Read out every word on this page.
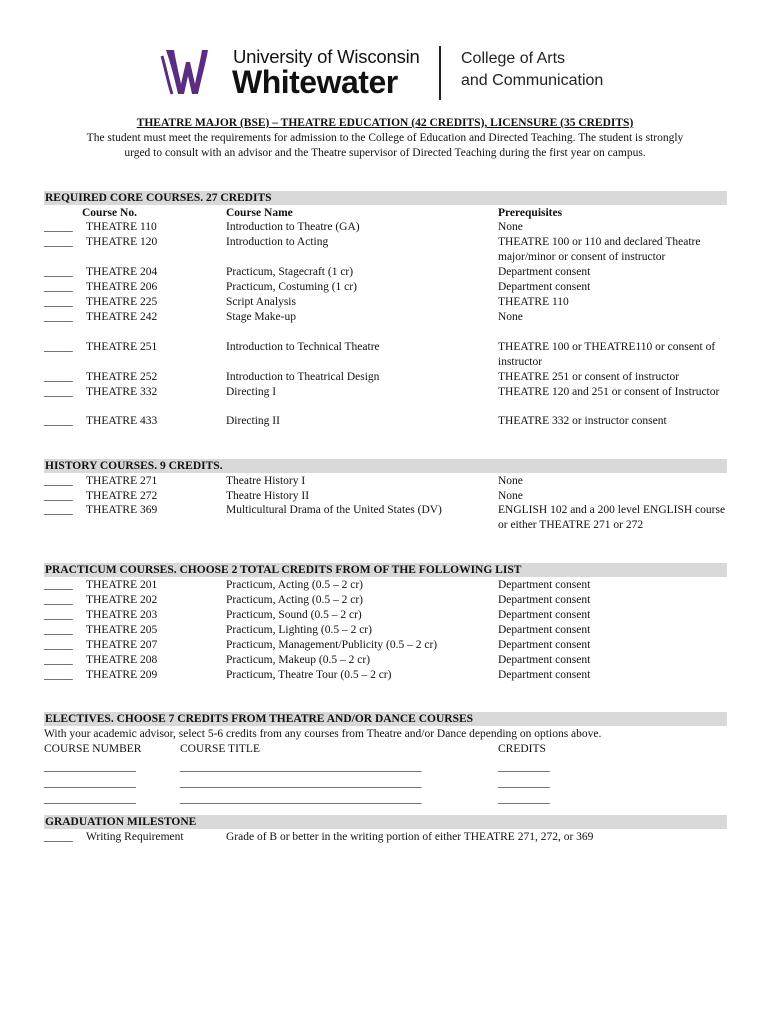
University of Wisconsin
Whitewater
College of Arts
and Communication
THEATRE MAJOR (BSE) – THEATRE EDUCATION (42 CREDITS), LICENSURE (35 CREDITS)
The student must meet the requirements for admission to the College of Education and Directed Teaching. The student is strongly
urged to consult with an advisor and the Theatre supervisor of Directed Teaching during the first year on campus.
REQUIRED CORE COURSES. 27 CREDITS
Course No.	Course Name	Prerequisites
_____ THEATRE 110	Introduction to Theatre (GA)	None
_____ THEATRE 120	Introduction to Acting	THEATRE 100 or 110 and declared Theatre major/minor or consent of instructor
_____ THEATRE 204	Practicum, Stagecraft (1 cr)	Department consent
_____ THEATRE 206	Practicum, Costuming (1 cr)	Department consent
_____ THEATRE 225	Script Analysis	THEATRE 110
_____ THEATRE 242	Stage Make-up	None
_____ THEATRE 251	Introduction to Technical Theatre	THEATRE 100 or THEATRE110 or consent of instructor
_____ THEATRE 252	Introduction to Theatrical Design	THEATRE 251 or consent of instructor
_____ THEATRE 332	Directing I	THEATRE 120 and 251 or consent of Instructor
_____ THEATRE 433	Directing II	THEATRE 332 or instructor consent
HISTORY COURSES. 9 CREDITS.
_____ THEATRE 271	Theatre History I	None
_____ THEATRE 272	Theatre History II	None
_____ THEATRE 369	Multicultural Drama of the United States (DV)	ENGLISH 102 and a 200 level ENGLISH course or either THEATRE 271 or 272
PRACTICUM COURSES. CHOOSE 2 TOTAL CREDITS FROM OF THE FOLLOWING LIST
_____ THEATRE 201	Practicum, Acting (0.5 – 2 cr)	Department consent
_____ THEATRE 202	Practicum, Acting (0.5 – 2 cr)	Department consent
_____ THEATRE 203	Practicum, Sound (0.5 – 2 cr)	Department consent
_____ THEATRE 205	Practicum, Lighting (0.5 – 2 cr)	Department consent
_____ THEATRE 207	Practicum, Management/Publicity (0.5 – 2 cr)	Department consent
_____ THEATRE 208	Practicum, Makeup (0.5 – 2 cr)	Department consent
_____ THEATRE 209	Practicum, Theatre Tour (0.5 – 2 cr)	Department consent
ELECTIVES. CHOOSE 7 CREDITS FROM THEATRE AND/OR DANCE COURSES
With your academic advisor, select 5-6 credits from any courses from Theatre and/or Dance depending on options above.
COURSE NUMBER	COURSE TITLE	CREDITS
________________	__________________________________________	_________
________________	__________________________________________	_________
________________	__________________________________________	_________
GRADUATION MILESTONE
_____ Writing Requirement	Grade of B or better in the writing portion of either THEATRE 271, 272, or 369
